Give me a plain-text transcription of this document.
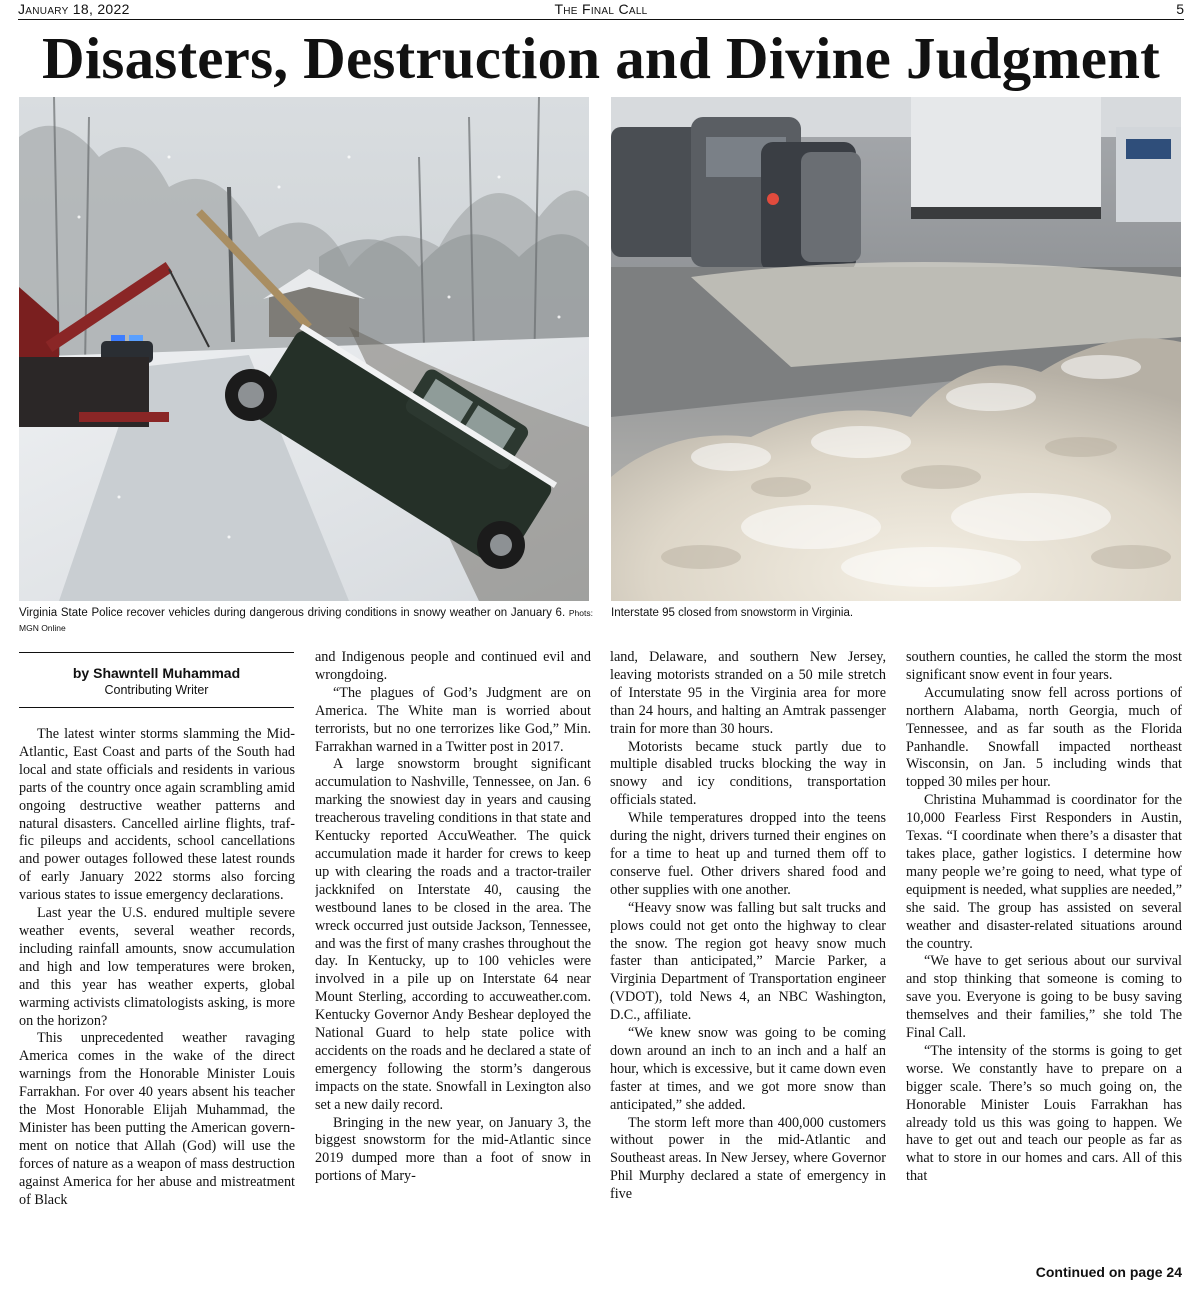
January 18, 2022	The Final Call	5
Disasters, Destruction and Divine Judgment
Virginia State Police recover vehicles during dangerous driving conditions in snowy weather on January 6. Phots: MGN Online
Interstate 95 closed from snowstorm in Virginia.
by Shawntell Muhammad
Contributing Writer

The latest winter storms slamming the Mid-Atlantic, East Coast and parts of the South had local and state officials and residents in various parts of the country once again scrambling amid ongoing destructive weather patterns and natural disasters. Cancelled airline flights, traffic pileups and accidents, school cancellations and power outages followed these latest rounds of early January 2022 storms also forcing various states to issue emergency declarations.

Last year the U.S. endured multiple severe weather events, several weather records, including rainfall amounts, snow accumulation and high and low temperatures were broken, and this year has weather experts, global warming activists climatologists asking, is more on the horizon?

This unprecedented weather ravaging America comes in the wake of the direct warnings from the Honorable Minister Louis Farrakhan. For over 40 years absent his teacher the Most Honorable Elijah Muhammad, the Minister has been putting the American government on notice that Allah (God) will use the forces of nature as a weapon of mass destruction against America for her abuse and mistreatment of Black

and Indigenous people and continued evil and wrongdoing.

“The plagues of God’s Judgment are on America. The White man is worried about terrorists, but no one terrorizes like God,” Min. Farrakhan warned in a Twitter post in 2017.

A large snowstorm brought significant accumulation to Nashville, Tennessee, on Jan. 6 marking the snowiest day in years and causing treacherous traveling conditions in that state and Kentucky reported AccuWeather. The quick accumulation made it harder for crews to keep up with clearing the roads and a tractor-trailer jackknifed on Interstate 40, causing the westbound lanes to be closed in the area. The wreck occurred just outside Jackson, Tennessee, and was the first of many crashes throughout the day. In Kentucky, up to 100 vehicles were involved in a pile up on Interstate 64 near Mount Sterling, according to accuweather.com. Kentucky Governor Andy Beshear deployed the National Guard to help state police with accidents on the roads and he declared a state of emergency following the storm’s dangerous impacts on the state. Snowfall in Lexington also set a new daily record.

Bringing in the new year, on January 3, the biggest snowstorm for the mid-Atlantic since 2019 dumped more than a foot of snow in portions of Mary-

land, Delaware, and southern New Jersey, leaving motorists stranded on a 50 mile stretch of Interstate 95 in the Virginia area for more than 24 hours, and halting an Amtrak passenger train for more than 30 hours.

Motorists became stuck partly due to multiple disabled trucks blocking the way in snowy and icy conditions, transportation officials stated.

While temperatures dropped into the teens during the night, drivers turned their engines on for a time to heat up and turned them off to conserve fuel. Other drivers shared food and other supplies with one another.

“Heavy snow was falling but salt trucks and plows could not get onto the highway to clear the snow. The region got heavy snow much faster than anticipated,” Marcie Parker, a Virginia Department of Transportation engineer (VDOT), told News 4, an NBC Washington, D.C., affiliate.

“We knew snow was going to be coming down around an inch to an inch and a half an hour, which is excessive, but it came down even faster at times, and we got more snow than anticipated,” she added.

The storm left more than 400,000 customers without power in the mid-Atlantic and Southeast areas. In New Jersey, where Governor Phil Murphy declared a state of emergency in five

southern counties, he called the storm the most significant snow event in four years.

Accumulating snow fell across portions of northern Alabama, north Georgia, much of Tennessee, and as far south as the Florida Panhandle. Snowfall impacted northeast Wisconsin, on Jan. 5 including winds that topped 30 miles per hour.

Christina Muhammad is coordinator for the 10,000 Fearless First Responders in Austin, Texas. “I coordinate when there’s a disaster that takes place, gather logistics. I determine how many people we’re going to need, what type of equipment is needed, what supplies are needed,” she said. The group has assisted on several weather and disaster-related situations around the country.

“We have to get serious about our survival and stop thinking that someone is coming to save you. Everyone is going to be busy saving themselves and their families,” she told The Final Call.

“The intensity of the storms is going to get worse. We constantly have to prepare on a bigger scale. There’s so much going on, the Honorable Minister Louis Farrakhan has already told us this was going to happen. We have to get out and teach our people as far as what to store in our homes and cars. All of this that

Continued on page 24
